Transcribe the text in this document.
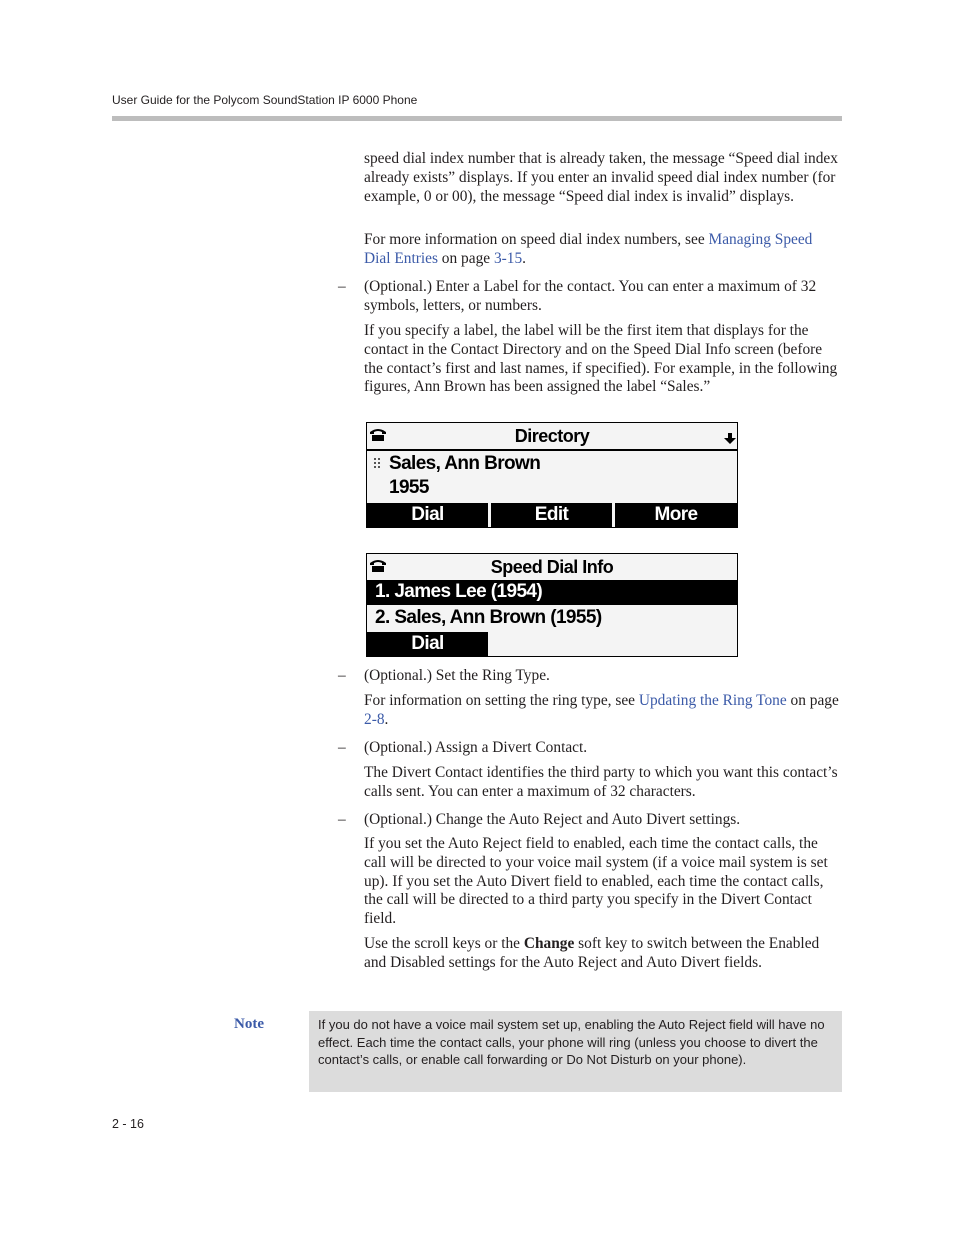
User Guide for the Polycom SoundStation IP 6000 Phone

speed dial index number that is already taken, the message “Speed dial index already exists” displays. If you enter an invalid speed dial index number (for example, 0 or 00), the message “Speed dial index is invalid” displays.

For more information on speed dial index numbers, see Managing Speed Dial Entries on page 3-15.

–	(Optional.) Enter a Label for the contact. You can enter a maximum of 32 symbols, letters, or numbers.

If you specify a label, the label will be the first item that displays for the contact in the Contact Directory and on the Speed Dial Info screen (before the contact’s first and last names, if specified). For example, in the following figures, Ann Brown has been assigned the label “Sales.”

Directory
Sales, Ann Brown
1955
Dial	Edit	More
Speed Dial Info
1. James Lee (1954)
2. Sales, Ann Brown (1955)
Dial
–	(Optional.) Set the Ring Type.

For information on setting the ring type, see Updating the Ring Tone on page 2-8.

–	(Optional.) Assign a Divert Contact.

The Divert Contact identifies the third party to which you want this contact’s calls sent. You can enter a maximum of 32 characters.

–	(Optional.) Change the Auto Reject and Auto Divert settings.

If you set the Auto Reject field to enabled, each time the contact calls, the call will be directed to your voice mail system (if a voice mail system is set up). If you set the Auto Divert field to enabled, each time the contact calls, the call will be directed to a third party you specify in the Divert Contact field.

Use the scroll keys or the Change soft key to switch between the Enabled and Disabled settings for the Auto Reject and Auto Divert fields.

Note	If you do not have a voice mail system set up, enabling the Auto Reject field will have no effect. Each time the contact calls, your phone will ring (unless you choose to divert the contact’s calls, or enable call forwarding or Do Not Disturb on your phone).
2 - 16
